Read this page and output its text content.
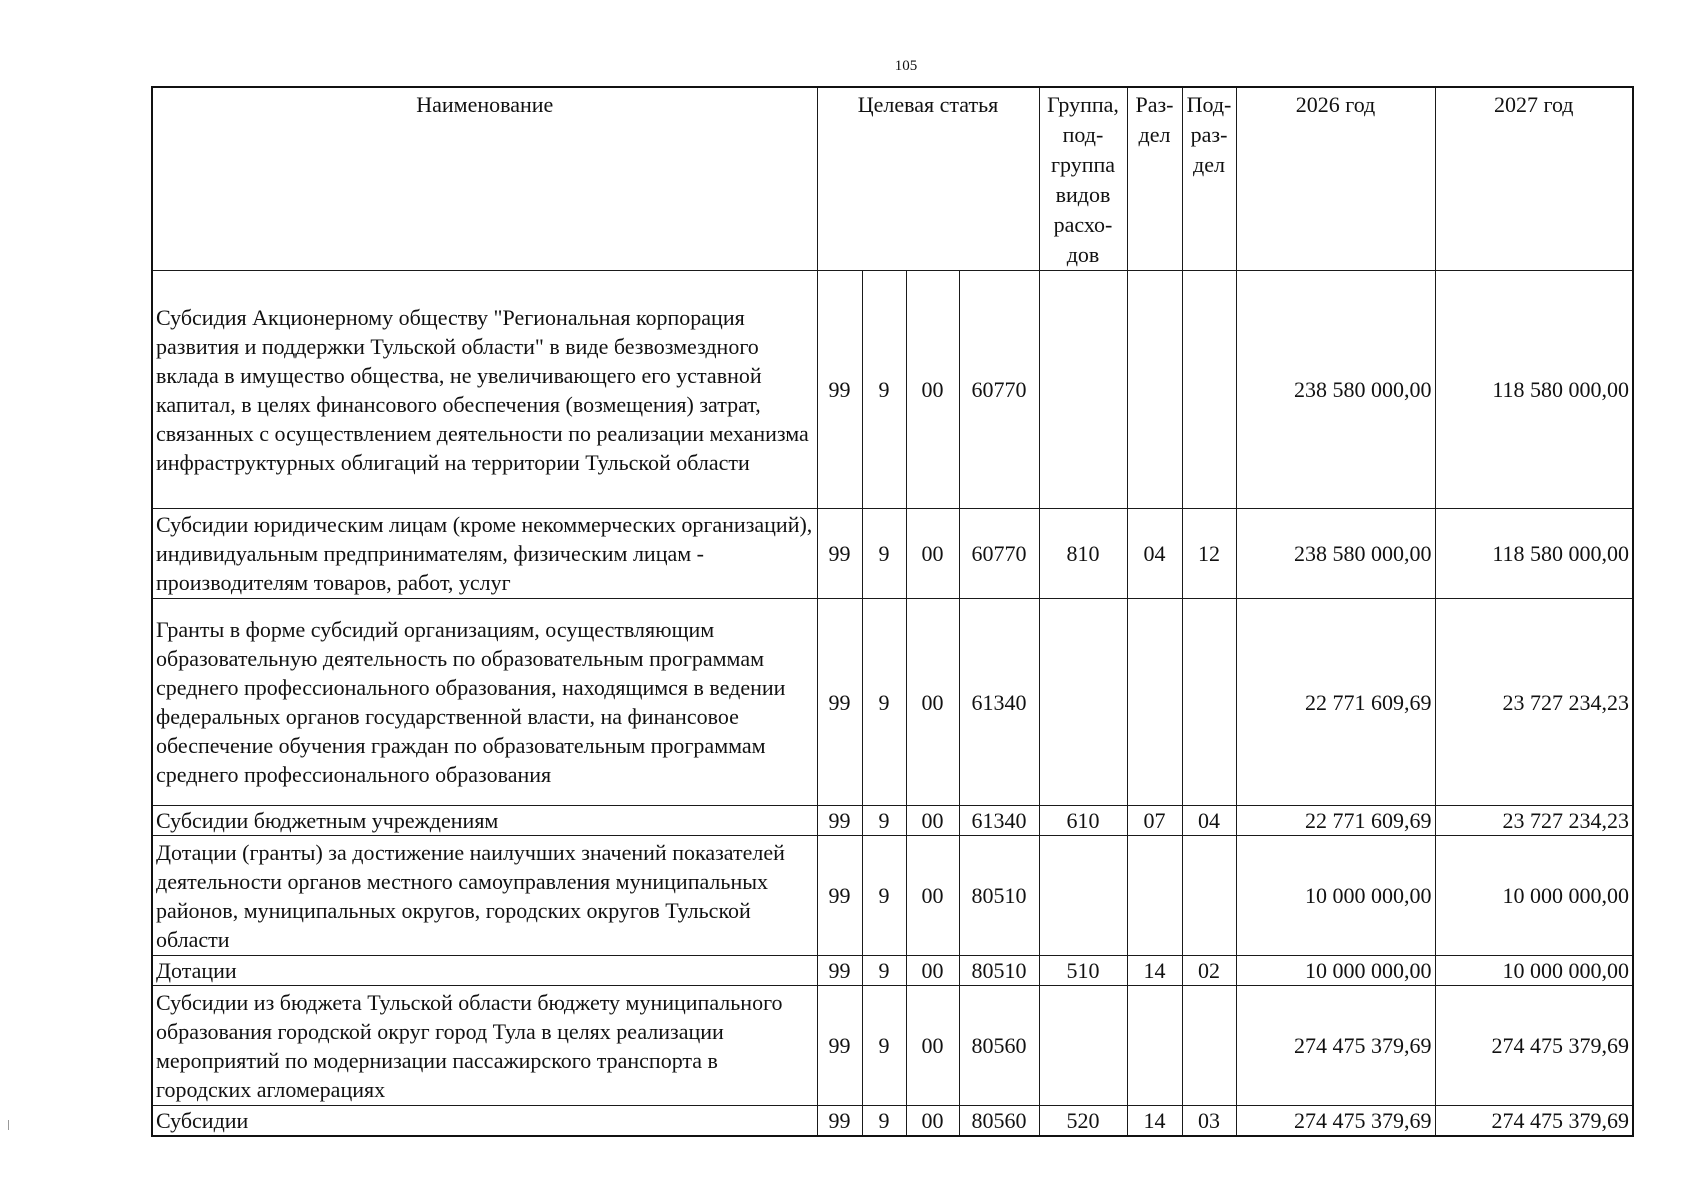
105
Наименование	Целевая статья				Группа, под- группа видов расхо- дов	Раз- дел	Под- раз- дел	2026 год	2027 год
Субсидия Акционерному обществу "Региональная корпорация развития и поддержки Тульской области" в виде безвозмездного вклада в имущество общества, не увеличивающего его уставной капитал, в целях финансового обеспечения (возмещения) затрат, связанных с осуществлением деятельности по реализации механизма инфраструктурных облигаций на территории Тульской области	99	9	00	60770				238 580 000,00	118 580 000,00
Субсидии юридическим лицам (кроме некоммерческих организаций), индивидуальным предпринимателям, физическим лицам - производителям товаров, работ, услуг	99	9	00	60770	810	04	12	238 580 000,00	118 580 000,00
Гранты в форме субсидий организациям, осуществляющим образовательную деятельность по образовательным программам среднего профессионального образования, находящимся в ведении федеральных органов государственной власти, на финансовое обеспечение обучения граждан по образовательным программам среднего профессионального образования	99	9	00	61340				22 771 609,69	23 727 234,23
Субсидии бюджетным учреждениям	99	9	00	61340	610	07	04	22 771 609,69	23 727 234,23
Дотации (гранты) за достижение наилучших значений показателей деятельности органов местного самоуправления муниципальных районов, муниципальных округов, городских округов Тульской области	99	9	00	80510				10 000 000,00	10 000 000,00
Дотации	99	9	00	80510	510	14	02	10 000 000,00	10 000 000,00
Субсидии из бюджета Тульской области бюджету муниципального образования городской округ город Тула в целях реализации мероприятий по модернизации пассажирского транспорта в городских агломерациях	99	9	00	80560				274 475 379,69	274 475 379,69
Субсидии	99	9	00	80560	520	14	03	274 475 379,69	274 475 379,69
